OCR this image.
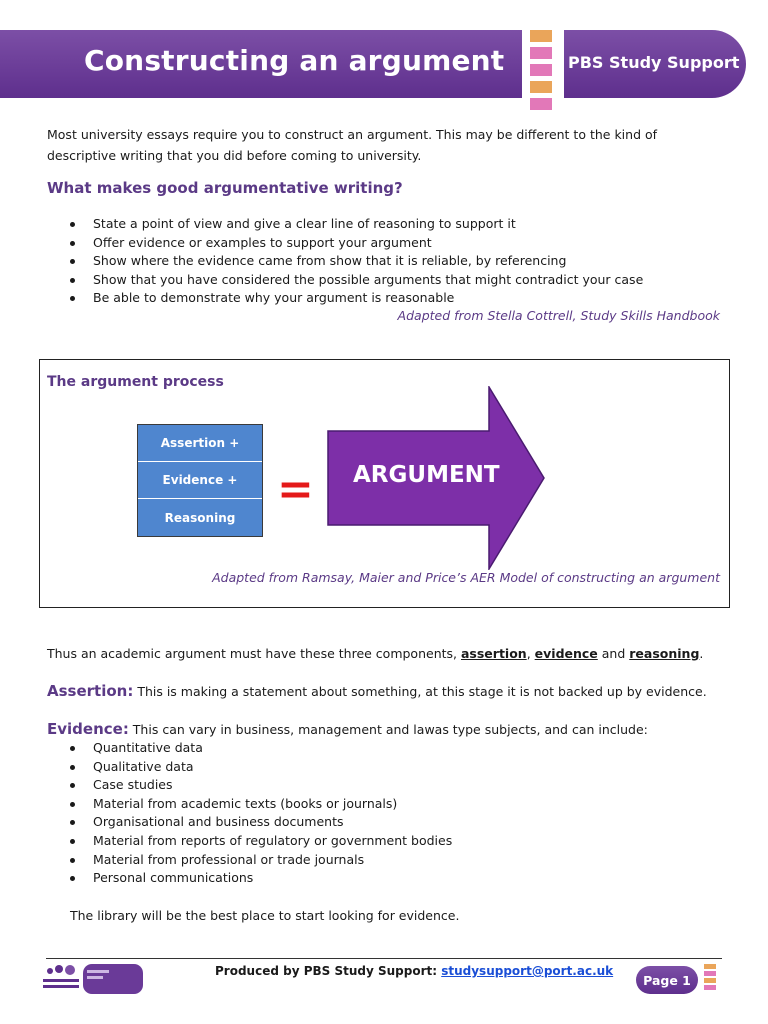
Constructing an argument	PBS Study Support

Most university essays require you to construct an argument. This may be different to the kind of descriptive writing that you did before coming to university.

What makes good argumentative writing?
State a point of view and give a clear line of reasoning to support it
Offer evidence or examples to support your argument
Show where the evidence came from show that it is reliable, by referencing
Show that you have considered the possible arguments that might contradict your case
Be able to demonstrate why your argument is reasonable
Adapted from Stella Cottrell, Study Skills Handbook
The argument process
Assertion +
Evidence +
Reasoning
= ARGUMENT
Adapted from Ramsay, Maier and Price’s AER Model of constructing an argument

Thus an academic argument must have these three components, assertion, evidence and reasoning.

Assertion: This is making a statement about something, at this stage it is not backed up by evidence.

Evidence: This can vary in business, management and lawas type subjects, and can include:

Quantitative data
Qualitative data
Case studies
Material from academic texts (books or journals)
Organisational and business documents
Material from reports of regulatory or government bodies
Material from professional or trade journals
Personal communications

The library will be the best place to start looking for evidence.

Produced by PBS Study Support: studysupport@port.ac.uk
Page 1
